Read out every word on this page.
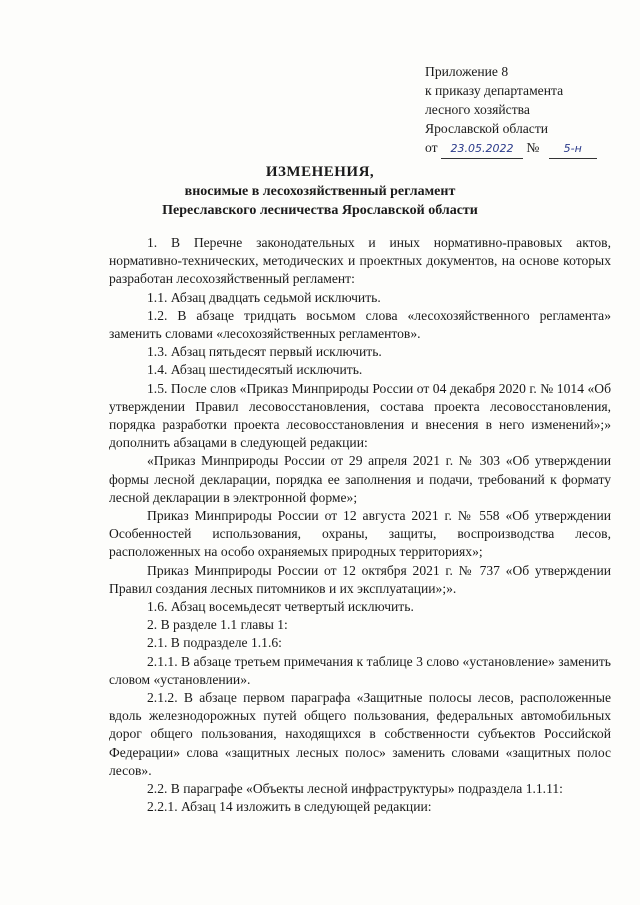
Приложение 8
к приказу департамента
лесного хозяйства
Ярославской области
от 23.05.2022 № 5-н
ИЗМЕНЕНИЯ,
вносимые в лесохозяйственный регламент
Переславского лесничества Ярославской области

1. В Перечне законодательных и иных нормативно-правовых актов, нормативно-технических, методических и проектных документов, на основе которых разработан лесохозяйственный регламент:

1.1. Абзац двадцать седьмой исключить.

1.2. В абзаце тридцать восьмом слова «лесохозяйственного регламента» заменить словами «лесохозяйственных регламентов».

1.3. Абзац пятьдесят первый исключить.

1.4. Абзац шестидесятый исключить.

1.5. После слов «Приказ Минприроды России от 04 декабря 2020 г. № 1014 «Об утверждении Правил лесовосстановления, состава проекта лесовосстановления, порядка разработки проекта лесовосстановления и внесения в него изменений»;» дополнить абзацами в следующей редакции:

«Приказ Минприроды России от 29 апреля 2021 г. № 303 «Об утверждении формы лесной декларации, порядка ее заполнения и подачи, требований к формату лесной декларации в электронной форме»;

Приказ Минприроды России от 12 августа 2021 г. № 558 «Об утверждении Особенностей использования, охраны, защиты, воспроизводства лесов, расположенных на особо охраняемых природных территориях»;

Приказ Минприроды России от 12 октября 2021 г. № 737 «Об утверждении Правил создания лесных питомников и их эксплуатации»;».

1.6. Абзац восемьдесят четвертый исключить.

2. В разделе 1.1 главы 1:

2.1. В подразделе 1.1.6:

2.1.1. В абзаце третьем примечания к таблице 3 слово «установление» заменить словом «установлении».

2.1.2. В абзаце первом параграфа «Защитные полосы лесов, расположенные вдоль железнодорожных путей общего пользования, федеральных автомобильных дорог общего пользования, находящихся в собственности субъектов Российской Федерации» слова «защитных лесных полос» заменить словами «защитных полос лесов».

2.2. В параграфе «Объекты лесной инфраструктуры» подраздела 1.1.11:

2.2.1. Абзац 14 изложить в следующей редакции:
